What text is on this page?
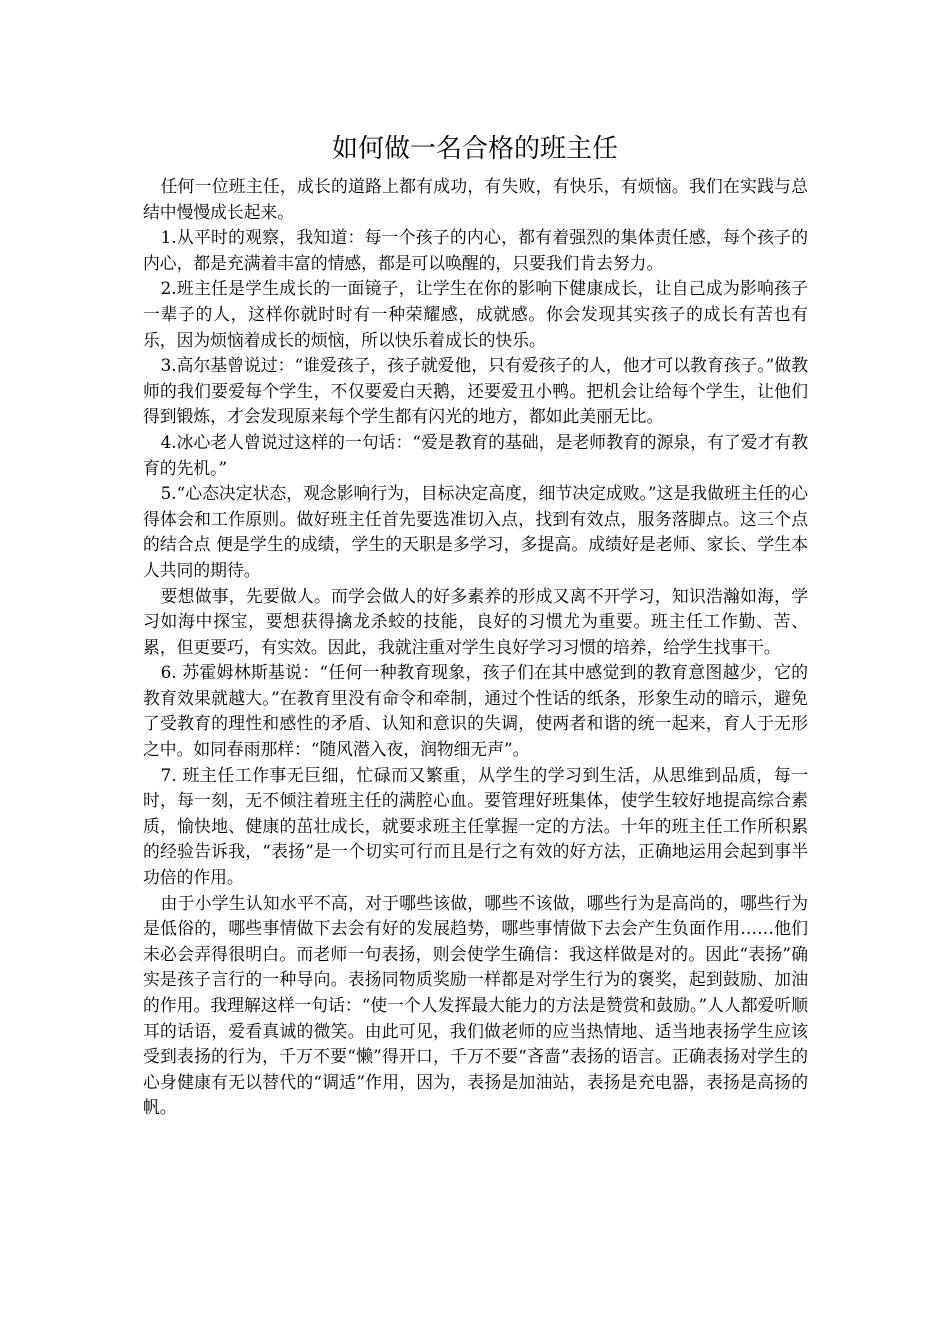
如何做一名合格的班主任

任何一位班主任，成长的道路上都有成功，有失败，有快乐，有烦恼。我们在实践与总结中慢慢成长起来。

1.从平时的观察，我知道：每一个孩子的内心，都有着强烈的集体责任感，每个孩子的内心，都是充满着丰富的情感，都是可以唤醒的，只要我们肯去努力。

2.班主任是学生成长的一面镜子，让学生在你的影响下健康成长，让自己成为影响孩子一辈子的人，这样你就时时有一种荣耀感，成就感。你会发现其实孩子的成长有苦也有乐，因为烦恼着成长的烦恼，所以快乐着成长的快乐。

3.高尔基曾说过：“谁爱孩子，孩子就爱他，只有爱孩子的人，他才可以教育孩子。”做教师的我们要爱每个学生，不仅要爱白天鹅，还要爱丑小鸭。把机会让给每个学生，让他们得到锻炼，才会发现原来每个学生都有闪光的地方，都如此美丽无比。

4.冰心老人曾说过这样的一句话：“爱是教育的基础，是老师教育的源泉，有了爱才有教育的先机。”

5.“心态决定状态，观念影响行为，目标决定高度，细节决定成败。”这是我做班主任的心得体会和工作原则。做好班主任首先要选准切入点，找到有效点，服务落脚点。这三个点的结合点 便是学生的成绩，学生的天职是多学习，多提高。成绩好是老师、家长、学生本人共同的期待。

要想做事，先要做人。而学会做人的好多素养的形成又离不开学习，知识浩瀚如海，学习如海中探宝，要想获得擒龙杀蛟的技能，良好的习惯尤为重要。班主任工作勤、苦、累，但更要巧，有实效。因此，我就注重对学生良好学习习惯的培养，给学生找事干。

6. 苏霍姆林斯基说：“任何一种教育现象，孩子们在其中感觉到的教育意图越少，它的教育效果就越大。”在教育里没有命令和牵制，通过个性话的纸条，形象生动的暗示，避免了受教育的理性和感性的矛盾、认知和意识的失调，使两者和谐的统一起来，育人于无形之中。如同春雨那样：“随风潜入夜，润物细无声”。

7. 班主任工作事无巨细，忙碌而又繁重，从学生的学习到生活，从思维到品质，每一时，每一刻，无不倾注着班主任的满腔心血。要管理好班集体，使学生较好地提高综合素质，愉快地、健康的茁壮成长，就要求班主任掌握一定的方法。十年的班主任工作所积累的经验告诉我，“表扬”是一个切实可行而且是行之有效的好方法，正确地运用会起到事半功倍的作用。

由于小学生认知水平不高，对于哪些该做，哪些不该做，哪些行为是高尚的，哪些行为是低俗的，哪些事情做下去会有好的发展趋势，哪些事情做下去会产生负面作用……他们未必会弄得很明白。而老师一句表扬，则会使学生确信：我这样做是对的。因此“表扬”确实是孩子言行的一种导向。表扬同物质奖励一样都是对学生行为的褒奖，起到鼓励、加油的作用。我理解这样一句话：“使一个人发挥最大能力的方法是赞赏和鼓励。”人人都爱听顺耳的话语，爱看真诚的微笑。由此可见，我们做老师的应当热情地、适当地表扬学生应该受到表扬的行为，千万不要“懒”得开口，千万不要“吝啬”表扬的语言。正确表扬对学生的心身健康有无以替代的“调适”作用，因为，表扬是加油站，表扬是充电器，表扬是高扬的帆。
